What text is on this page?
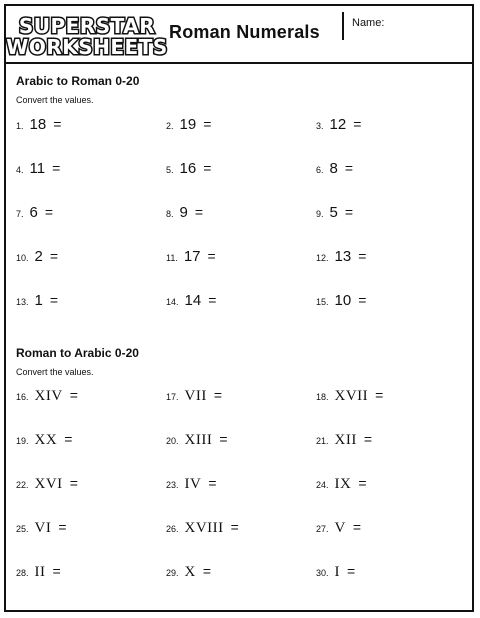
SUPERSTAR
WORKSHEETS
Roman Numerals	Name:
Arabic to Roman 0-20
Convert the values.
Roman to Arabic 0-20
Convert the values.
1. 18 =	2. 19 =	3. 12 =
4. 11 =	5. 16 =	6. 8 =
7. 6 =	8. 9 =	9. 5 =
10. 2 =	11. 17 =	12. 13 =
13. 1 =	14. 14 =	15. 10 =
16. XIV =	17. VII =	18. XVII =
19. XX =	20. XIII =	21. XII =
22. XVI =	23. IV =	24. IX =
25. VI =	26. XVIII =	27. V =
28. II =	29. X =	30. I =
